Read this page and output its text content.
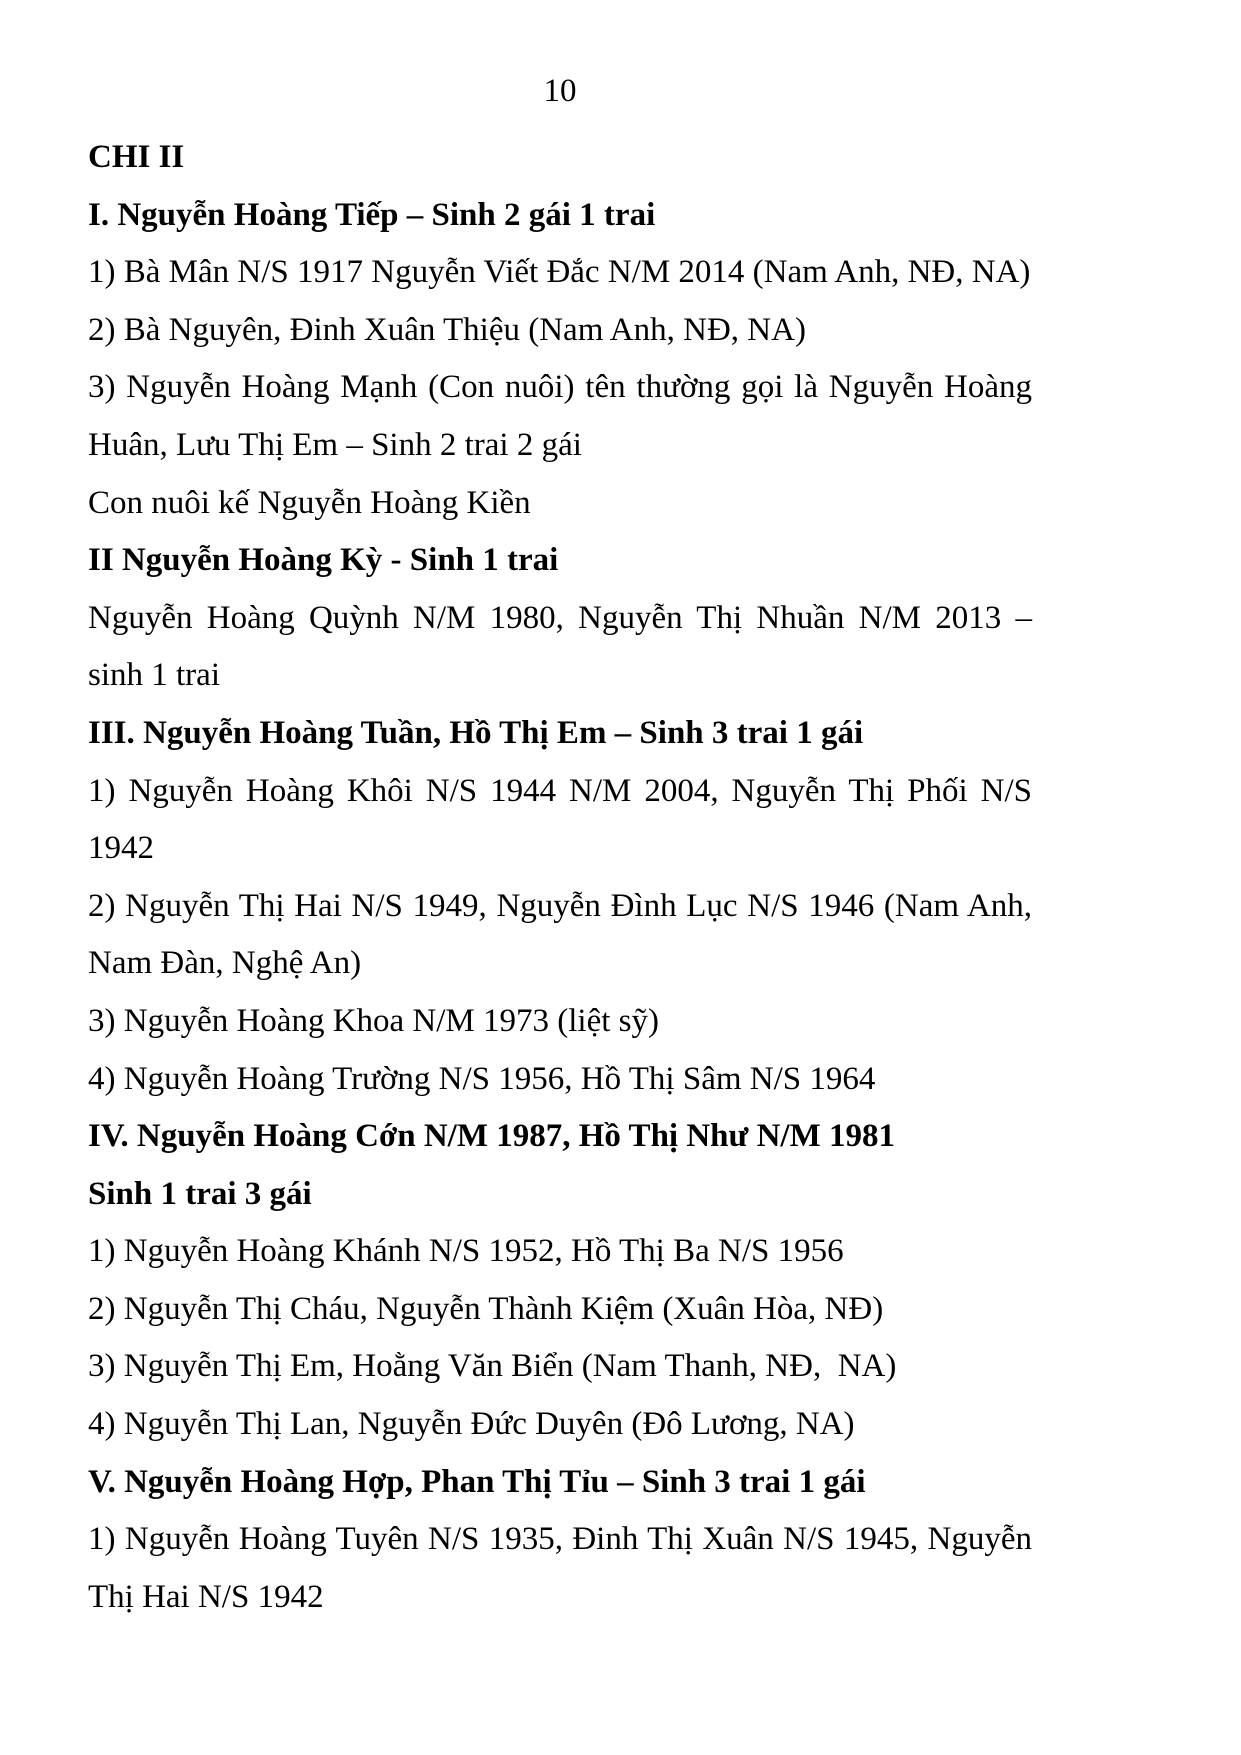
10
CHI II
I. Nguyễn Hoàng Tiếp – Sinh 2 gái 1 trai
1) Bà Mân N/S 1917 Nguyễn Viết Đắc N/M 2014 (Nam Anh, NĐ, NA)
2) Bà Nguyên, Đinh Xuân Thiệu (Nam Anh, NĐ, NA)
3) Nguyễn Hoàng Mạnh (Con nuôi) tên thường gọi là Nguyễn Hoàng
Huân, Lưu Thị Em – Sinh 2 trai 2 gái
Con nuôi kế Nguyễn Hoàng Kiền
II Nguyễn Hoàng Kỳ - Sinh 1 trai
Nguyễn Hoàng Quỳnh N/M 1980, Nguyễn Thị Nhuần N/M 2013 –
sinh 1 trai
III. Nguyễn Hoàng Tuần, Hồ Thị Em – Sinh 3 trai 1 gái
1) Nguyễn Hoàng Khôi N/S 1944 N/M 2004, Nguyễn Thị Phối N/S
1942
2) Nguyễn Thị Hai N/S 1949, Nguyễn Đình Lục N/S 1946 (Nam Anh,
Nam Đàn, Nghệ An)
3) Nguyễn Hoàng Khoa N/M 1973 (liệt sỹ)
4) Nguyễn Hoàng Trường N/S 1956, Hồ Thị Sâm N/S 1964
IV. Nguyễn Hoàng Cớn N/M 1987, Hồ Thị Như N/M 1981
Sinh 1 trai 3 gái
1) Nguyễn Hoàng Khánh N/S 1952, Hồ Thị Ba N/S 1956
2) Nguyễn Thị Cháu, Nguyễn Thành Kiệm (Xuân Hòa, NĐ)
3) Nguyễn Thị Em, Hoằng Văn Biển (Nam Thanh, NĐ,  NA)
4) Nguyễn Thị Lan, Nguyễn Đức Duyên (Đô Lương, NA)
V. Nguyễn Hoàng Hợp, Phan Thị Tỉu – Sinh 3 trai 1 gái
1) Nguyễn Hoàng Tuyên N/S 1935, Đinh Thị Xuân N/S 1945, Nguyễn
Thị Hai N/S 1942
